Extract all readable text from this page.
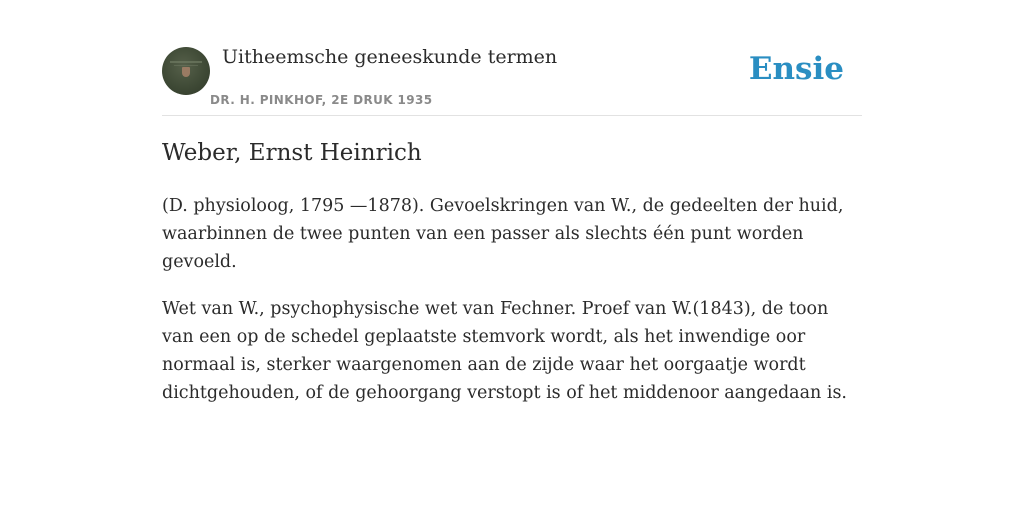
Uitheemsche geneeskunde termen
DR. H. PINKHOF, 2E DRUK 1935
Ensie
Weber, Ernst Heinrich

(D. physioloog, 1795 —1878). Gevoelskringen van W., de gedeelten der huid, waarbinnen de twee punten van een passer als slechts één punt worden gevoeld.

Wet van W., psychophysische wet van Fechner. Proef van W.(1843), de toon van een op de schedel geplaatste stemvork wordt, als het inwendige oor normaal is, sterker waargenomen aan de zijde waar het oorgaatje wordt dichtgehouden, of de gehoorgang verstopt is of het middenoor aangedaan is.
